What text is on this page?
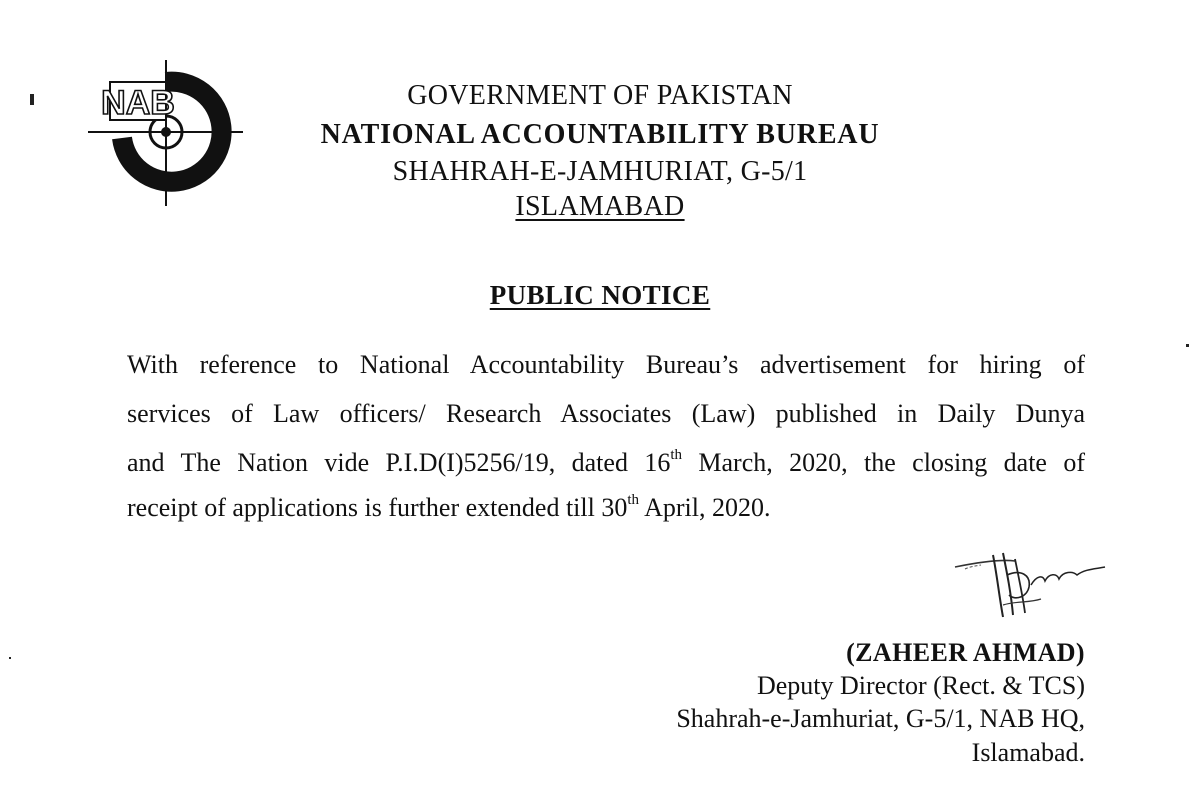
NAB	GOVERNMENT OF PAKISTAN
NATIONAL ACCOUNTABILITY BUREAU
SHAHRAH-E-JAMHURIAT, G-5/1
ISLAMABAD
PUBLIC NOTICE
With reference to National Accountability Bureau’s advertisement for hiring of
services of Law officers/ Research Associates (Law) published in Daily Dunya
and The Nation vide P.I.D(I)5256/19, dated 16th March, 2020, the closing date of
receipt of applications is further extended till 30th April, 2020.
(ZAHEER AHMAD)
Deputy Director (Rect. & TCS)
Shahrah-e-Jamhuriat, G-5/1, NAB HQ,
Islamabad.
